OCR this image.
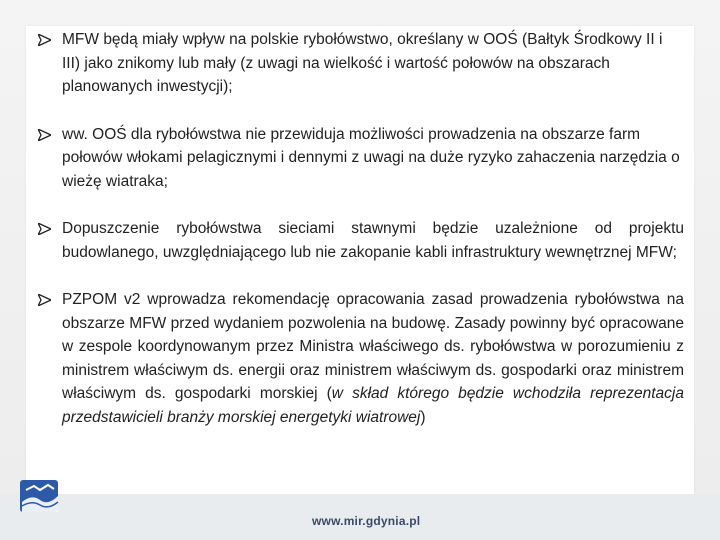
MFW będą miały wpływ na polskie rybołówstwo, określany w OOŚ (Bałtyk Środkowy II i III) jako znikomy lub mały (z uwagi na wielkość i wartość połowów na obszarach planowanych inwestycji);
ww. OOŚ dla rybołówstwa nie przewiduja możliwości prowadzenia na obszarze farm połowów włokami pelagicznymi i dennymi z uwagi na duże ryzyko zahaczenia narzędzia o wieżę wiatraka;
Dopuszczenie rybołówstwa sieciami stawnymi będzie uzależnione od projektu budowlanego, uwzględniającego lub nie zakopanie kabli infrastruktury wewnętrznej MFW;
PZPOM v2 wprowadza rekomendację opracowania zasad prowadzenia rybołówstwa na obszarze MFW przed wydaniem pozwolenia na budowę. Zasady powinny być opracowane w zespole koordynowanym przez Ministra właściwego ds. rybołówstwa w porozumieniu z ministrem właściwym ds. energii oraz ministrem właściwym ds. gospodarki oraz ministrem właściwym ds. gospodarki morskiej (w skład którego będzie wchodziła reprezentacja przedstawicieli branży morskiej energetyki wiatrowej)
www.mir.gdynia.pl
